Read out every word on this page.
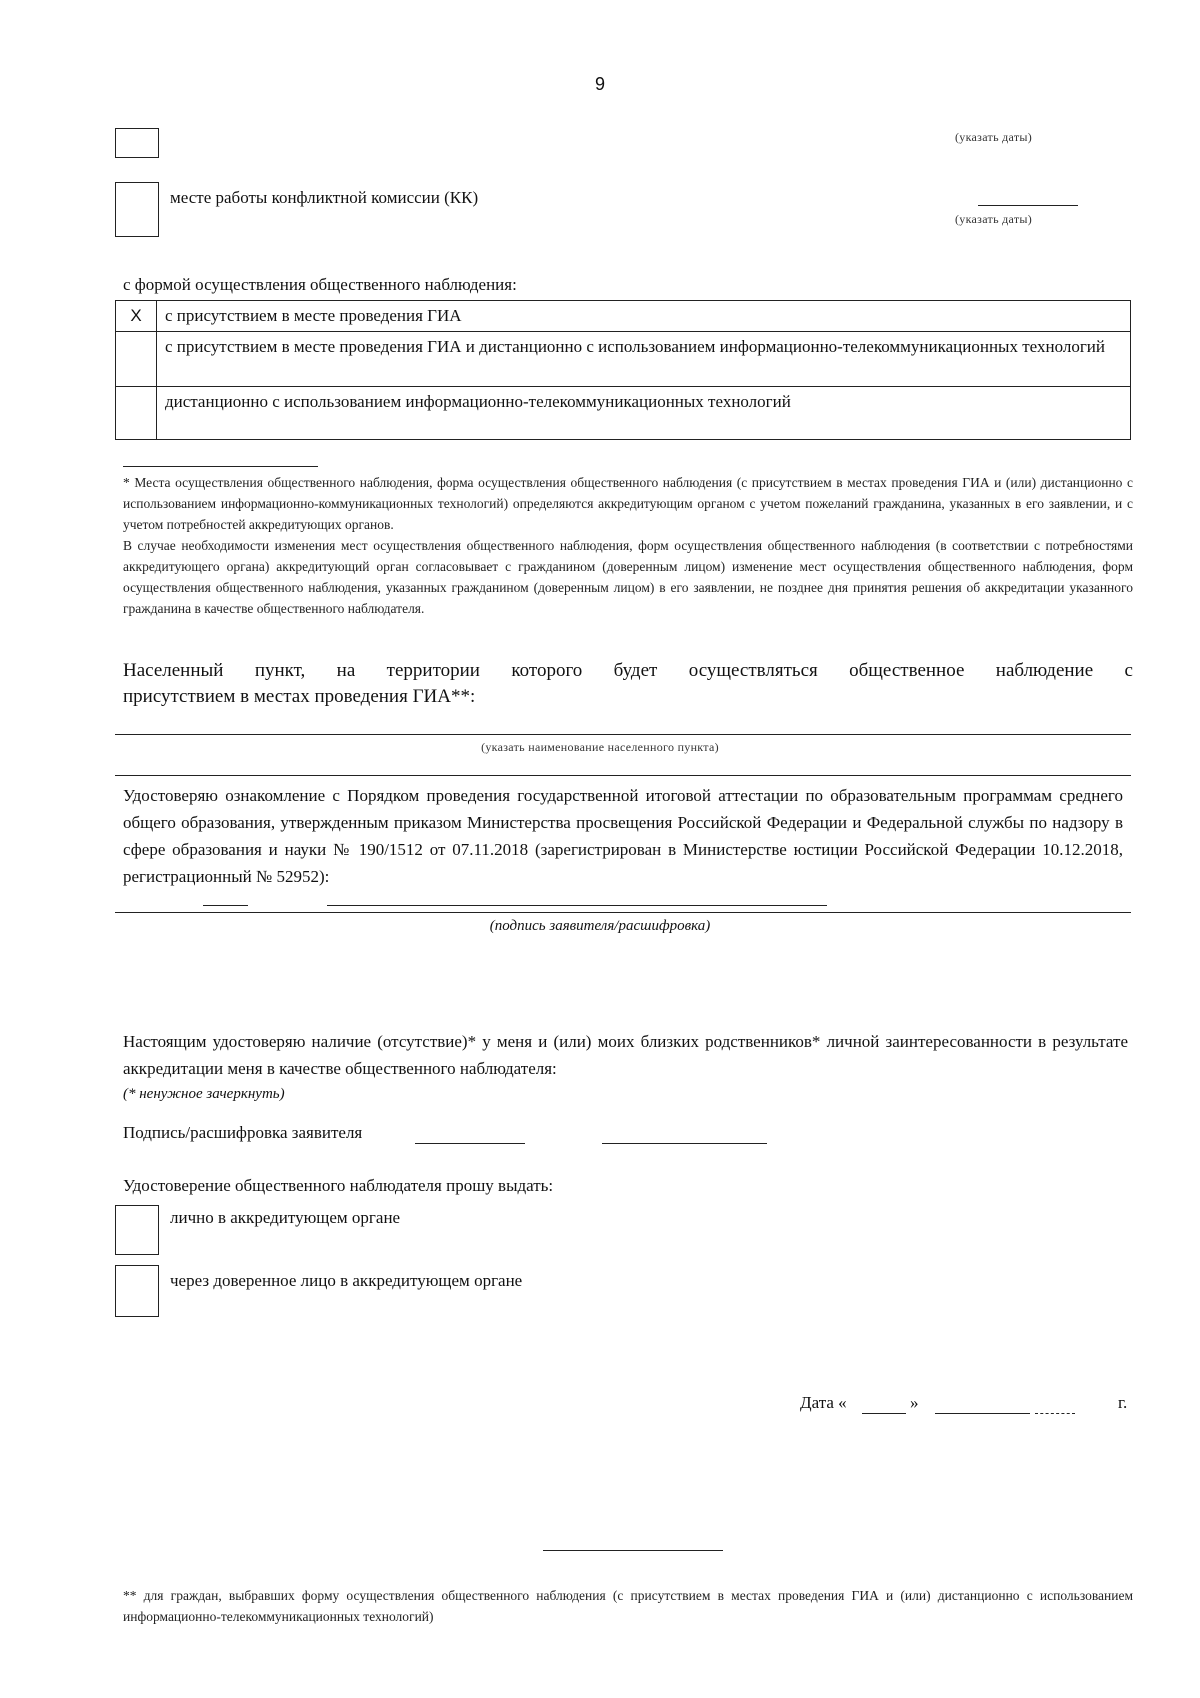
9
(указать даты)
месте работы конфликтной комиссии (КК)
(указать даты)
с формой осуществления общественного наблюдения:
X	с присутствием в месте проведения ГИА
	с присутствием в месте проведения ГИА и дистанционно с использованием информационно-телекоммуникационных технологий
	дистанционно с использованием информационно-телекоммуникационных технологий
* Места осуществления общественного наблюдения, форма осуществления общественного наблюдения (с присутствием в местах проведения ГИА и (или) дистанционно с использованием информационно-коммуникационных технологий) определяются аккредитующим органом с учетом пожеланий гражданина, указанных в его заявлении, и с учетом потребностей аккредитующих органов.
В случае необходимости изменения мест осуществления общественного наблюдения, форм осуществления общественного наблюдения (в соответствии с потребностями аккредитующего органа) аккредитующий орган согласовывает с гражданином (доверенным лицом) изменение мест осуществления общественного наблюдения, форм осуществления общественного наблюдения, указанных гражданином (доверенным лицом) в его заявлении, не позднее дня принятия решения об аккредитации указанного гражданина в качестве общественного наблюдателя.
Населенный пункт, на территории которого будет осуществляться общественное наблюдение с
присутствием в местах проведения ГИА**:
(указать наименование населенного пункта)
Удостоверяю ознакомление с Порядком проведения государственной итоговой аттестации по образовательным программам среднего общего образования, утвержденным приказом Министерства просвещения Российской Федерации и Федеральной службы по надзору в сфере образования и науки № 190/1512 от 07.11.2018 (зарегистрирован в Министерстве юстиции Российской Федерации 10.12.2018, регистрационный № 52952):
(подпись заявителя/расшифровка)
Настоящим удостоверяю наличие (отсутствие)* у меня и (или) моих близких родственников* личной заинтересованности в результате аккредитации меня в качестве общественного наблюдателя:
(* ненужное зачеркнуть)
Подпись/расшифровка заявителя
Удостоверение общественного наблюдателя прошу выдать:
лично в аккредитующем органе
через доверенное лицо в аккредитующем органе
Дата «	»	г.
** для граждан, выбравших форму осуществления общественного наблюдения (с присутствием в местах проведения ГИА и (или) дистанционно с использованием информационно-телекоммуникационных технологий)
